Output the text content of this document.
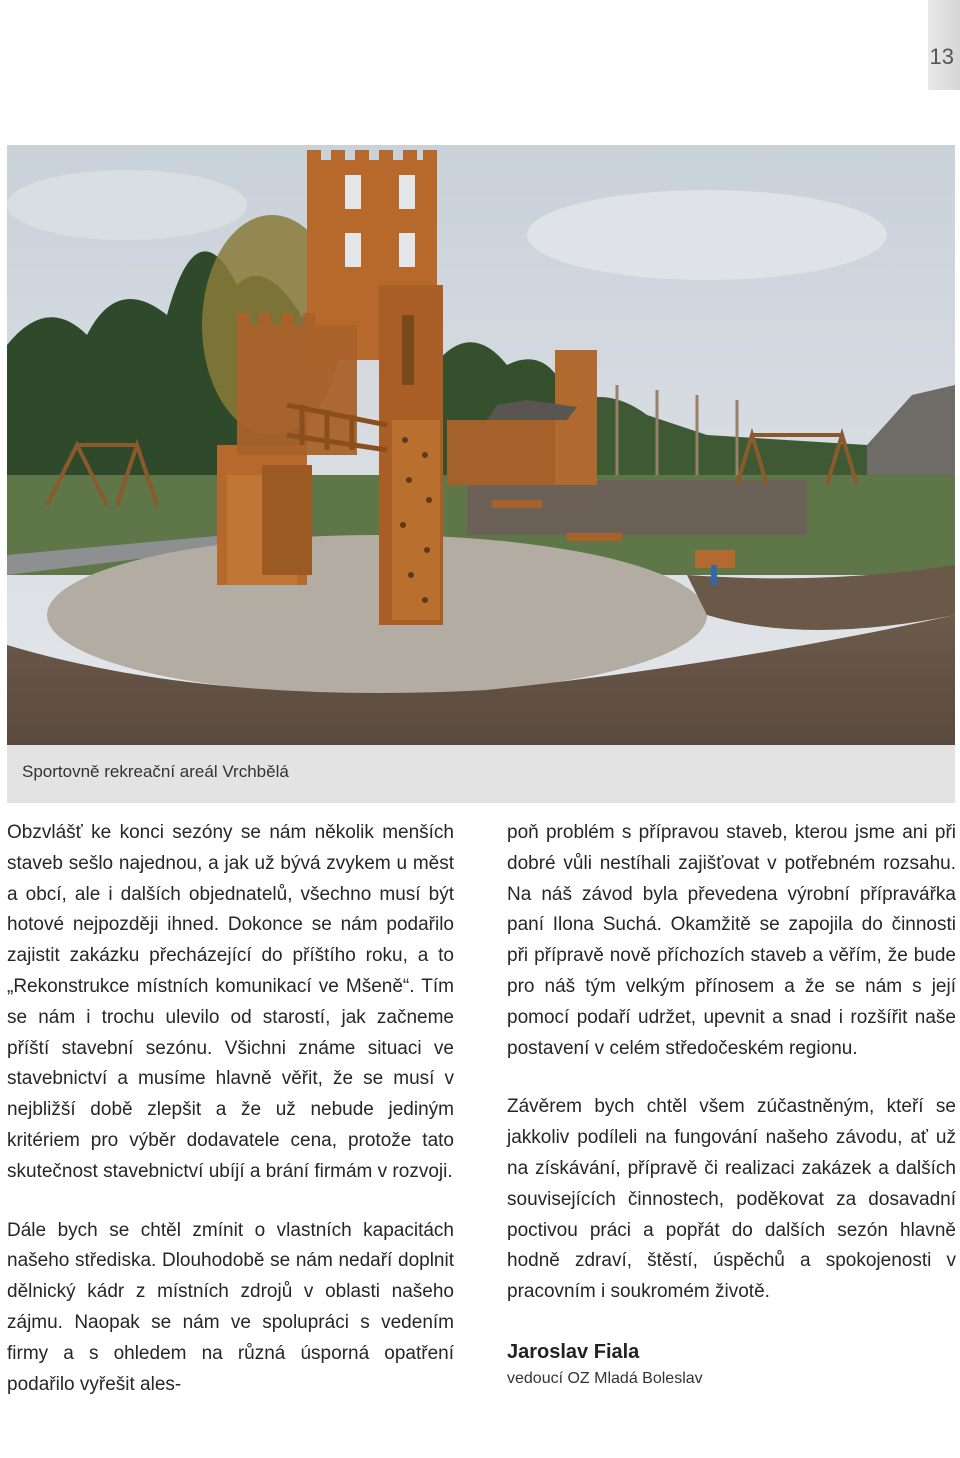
13
Sportovně rekreační areál Vrchbělá

Obzvlášť ke konci sezóny se nám několik menších staveb sešlo najednou, a jak už bývá zvykem u měst a obcí, ale i dalších objednatelů, všechno musí být hotové nejpozději ihned. Dokonce se nám podařilo zajistit zakázku přecházející do příštího roku, a to „Rekonstrukce místních komunikací ve Mšeně“. Tím se nám i trochu ulevilo od starostí, jak začneme příští stavební sezónu. Všichni známe situaci ve stavebnictví a musíme hlavně věřit, že se musí v nejbližší době zlepšit a že už nebude jediným kritériem pro výběr dodavatele cena, protože tato skutečnost stavebnictví ubíjí a brání firmám v rozvoji.

Dále bych se chtěl zmínit o vlastních kapacitách našeho střediska. Dlouhodobě se nám nedaří doplnit dělnický kádr z místních zdrojů v oblasti našeho zájmu. Naopak se nám ve spolupráci s vedením firmy a s ohledem na různá úsporná opatření podařilo vyřešit ales-

poň problém s přípravou staveb, kterou jsme ani při dobré vůli nestíhali zajišťovat v potřebném rozsahu. Na náš závod byla převedena výrobní přípravářka paní Ilona Suchá. Okamžitě se zapojila do činnosti při přípravě nově příchozích staveb a věřím, že bude pro náš tým velkým přínosem a že se nám s její pomocí podaří udržet, upevnit a snad i rozšířit naše postavení v celém středočeském regionu.

Závěrem bych chtěl všem zúčastněným, kteří se jakkoliv podíleli na fungování našeho závodu, ať už na získávání, přípravě či realizaci zakázek a dalších souvisejících činnostech, poděkovat za dosavadní poctivou práci a popřát do dalších sezón hlavně hodně zdraví, štěstí, úspěchů a spokojenosti v pracovním i soukromém životě.

Jaroslav Fiala
vedoucí OZ Mladá Boleslav
